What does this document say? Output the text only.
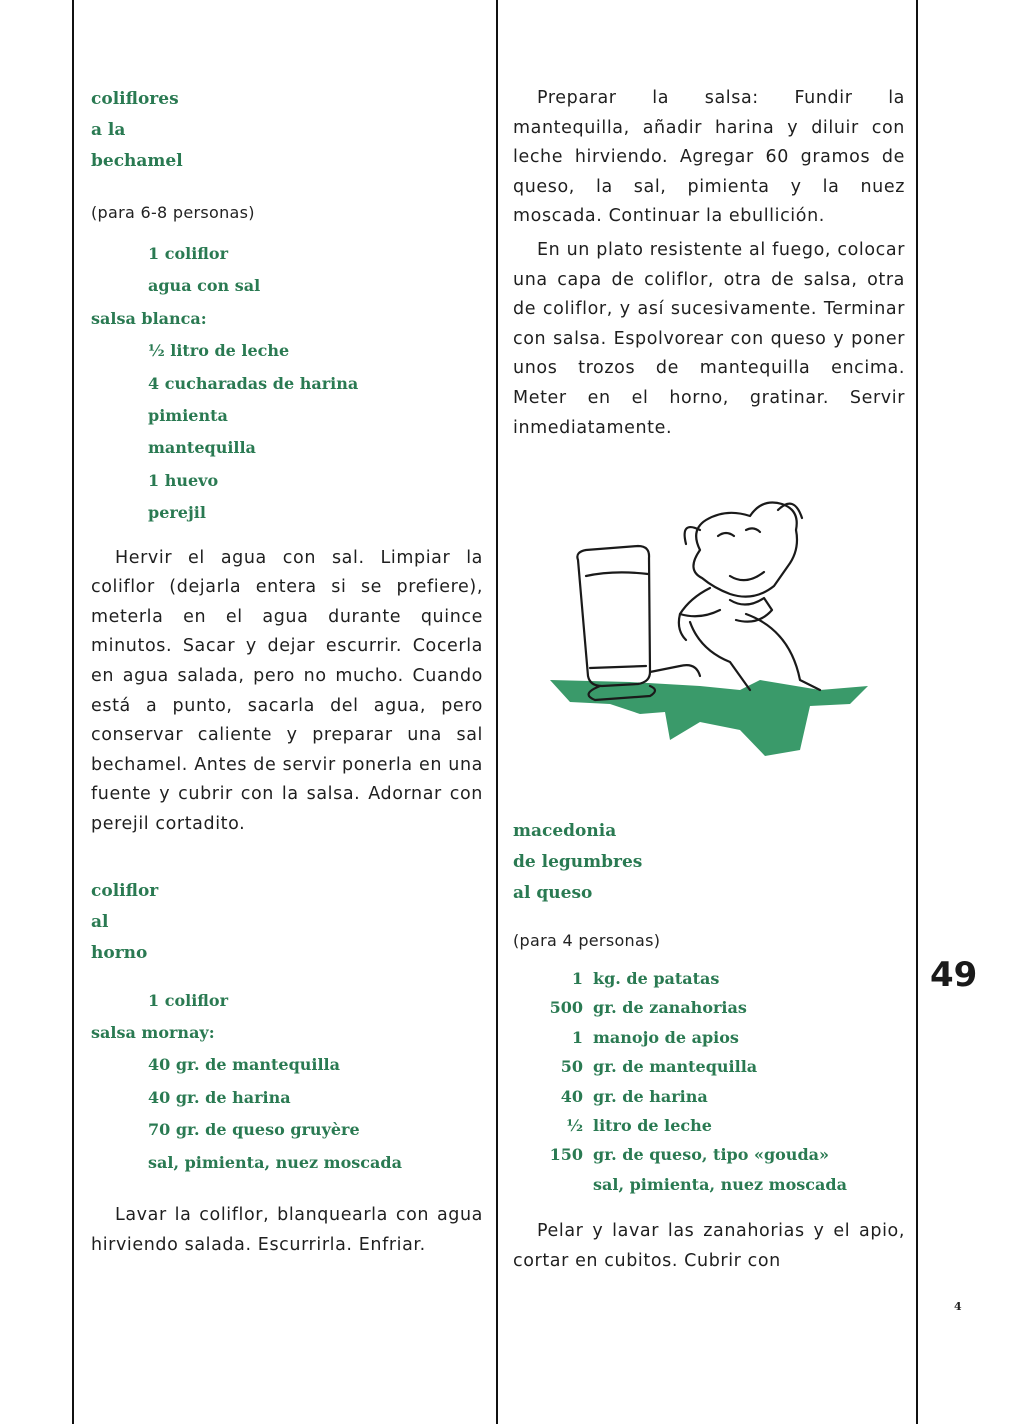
coliflores
a la
bechamel
(para 6-8 personas)
1 coliflor
agua con sal
salsa blanca:
½ litro de leche
4 cucharadas de harina
pimienta
mantequilla
1 huevo
perejil

Hervir el agua con sal. Limpiar la coliflor (dejarla entera si se prefiere), meterla en el agua durante quince minutos. Sacar y dejar escurrir. Cocerla en agua salada, pero no mucho. Cuando está a punto, sacarla del agua, pero conservar caliente y preparar una sal bechamel. Antes de servir ponerla en una fuente y cubrir con la salsa. Adornar con perejil cortadito.

coliflor
al
horno
1 coliflor
salsa mornay:
40 gr. de mantequilla
40 gr. de harina
70 gr. de queso gruyère
sal, pimienta, nuez moscada

Lavar la coliflor, blanquearla con agua hirviendo salada. Escurrirla. Enfriar.

Preparar la salsa: Fundir la mantequilla, añadir harina y diluir con leche hirviendo. Agregar 60 gramos de queso, la sal, pimienta y la nuez moscada. Continuar la ebullición.

En un plato resistente al fuego, colocar una capa de coliflor, otra de salsa, otra de coliflor, y así sucesivamente. Terminar con salsa. Espolvorear con queso y poner unos trozos de mantequilla encima. Meter en el horno, gratinar. Servir inmediatamente.

macedonia
de legumbres
al queso
(para 4 personas)
1 kg. de patatas
500 gr. de zanahorias
1 manojo de apios
50 gr. de mantequilla
40 gr. de harina
½ litro de leche
150 gr. de queso, tipo «gouda»
sal, pimienta, nuez moscada

Pelar y lavar las zanahorias y el apio, cortar en cubitos. Cubrir con

49
4
